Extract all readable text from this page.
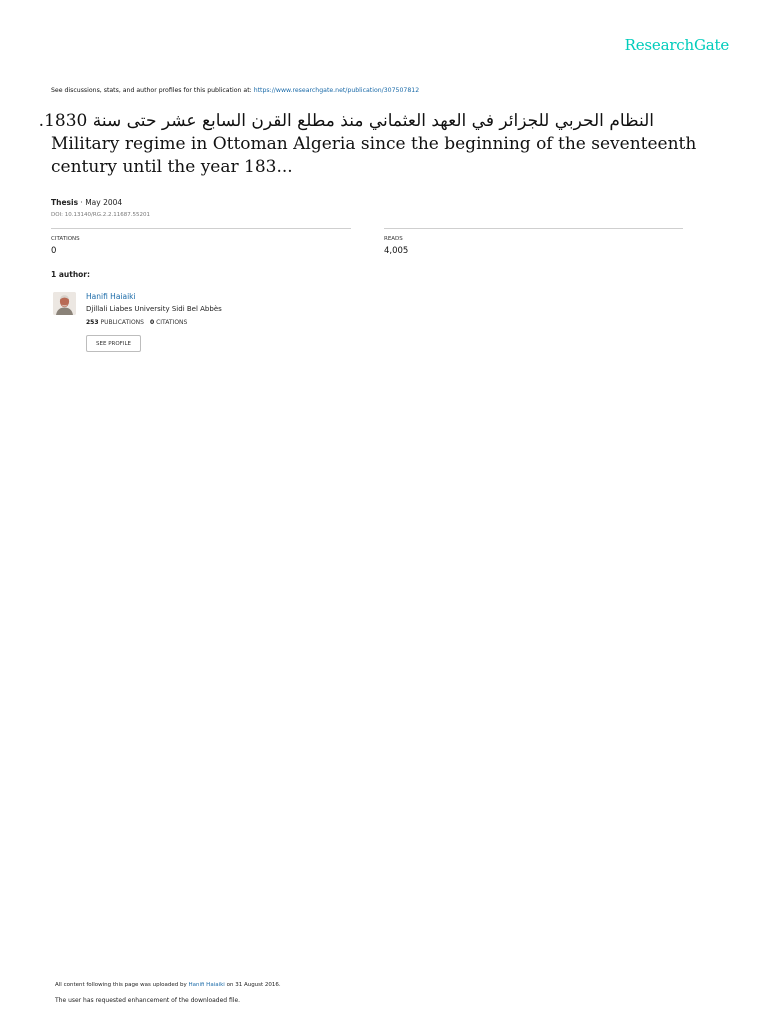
ResearchGate
See discussions, stats, and author profiles for this publication at: https://www.researchgate.net/publication/307507812
النظام الحربي للجزائر في العهد العثماني منذ مطلع القرن السابع عشر حتى سنة 1830.
Military regime in Ottoman Algeria since the beginning of the seventeenth
century until the year 183...
Thesis · May 2004
DOI: 10.13140/RG.2.2.11687.55201
CITATIONS
0
READS
4,005
1 author:
Hanifi Haiaiki
Djillali Liabes University Sidi Bel Abbès
253 PUBLICATIONS 0 CITATIONS
SEE PROFILE
All content following this page was uploaded by Hanifi Haiaiki on 31 August 2016.
The user has requested enhancement of the downloaded file.
